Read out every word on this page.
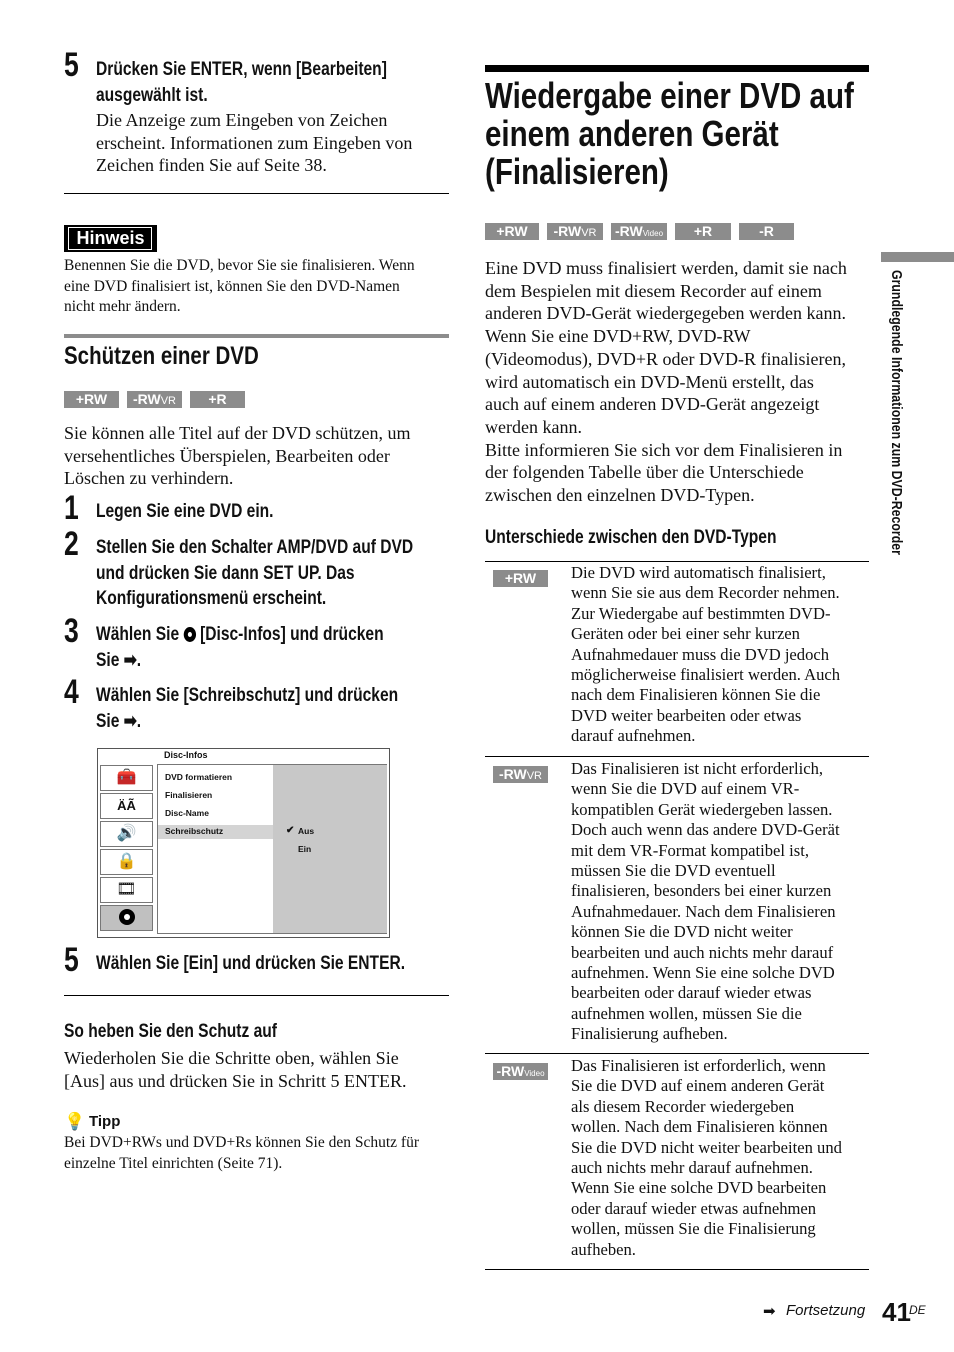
5 Drücken Sie ENTER, wenn [Bearbeiten]
ausgewählt ist.
Die Anzeige zum Eingeben von Zeichen
erscheint. Informationen zum Eingeben von
Zeichen finden Sie auf Seite 38.
Hinweis
Benennen Sie die DVD, bevor Sie sie finalisieren. Wenn
eine DVD finalisiert ist, können Sie den DVD-Namen
nicht mehr ändern.
Schützen einer DVD
+RW	-RWVR	+R
Sie können alle Titel auf der DVD schützen, um
versehentliches Überspielen, Bearbeiten oder
Löschen zu verhindern.
1 Legen Sie eine DVD ein.
2 Stellen Sie den Schalter AMP/DVD auf DVD
und drücken Sie dann SET UP. Das
Konfigurationsmenü erscheint.
3 Wählen Sie [Disc-Infos] und drücken
Sie ➡.
4 Wählen Sie [Schreibschutz] und drücken
Sie ➡.
Disc-Infos
🧰
ÄÃ
🔊
🔒
🎞
DVD formatieren
Finalisieren
Disc-Name
Schreibschutz	✔ Aus
Ein
5 Wählen Sie [Ein] und drücken Sie ENTER.
So heben Sie den Schutz auf
Wiederholen Sie die Schritte oben, wählen Sie
[Aus] aus und drücken Sie in Schritt 5 ENTER.
💡 Tipp
Bei DVD+RWs und DVD+Rs können Sie den Schutz für
einzelne Titel einrichten (Seite 71).
Wiedergabe einer DVD auf
einem anderen Gerät
(Finalisieren)
+RW	-RWVR	-RWVideo	+R	-R
Eine DVD muss finalisiert werden, damit sie nach
dem Bespielen mit diesem Recorder auf einem
anderen DVD-Gerät wiedergegeben werden kann.
Wenn Sie eine DVD+RW, DVD-RW
(Videomodus), DVD+R oder DVD-R finalisieren,
wird automatisch ein DVD-Menü erstellt, das
auch auf einem anderen DVD-Gerät angezeigt
werden kann.
Bitte informieren Sie sich vor dem Finalisieren in
der folgenden Tabelle über die Unterschiede
zwischen den einzelnen DVD-Typen.
Unterschiede zwischen den DVD-Typen
+RW	Die DVD wird automatisch finalisiert,
wenn Sie sie aus dem Recorder nehmen.
Zur Wiedergabe auf bestimmten DVD-
Geräten oder bei einer sehr kurzen
Aufnahmedauer muss die DVD jedoch
möglicherweise finalisiert werden. Auch
nach dem Finalisieren können Sie die
DVD weiter bearbeiten oder etwas
darauf aufnehmen.
-RWVR	Das Finalisieren ist nicht erforderlich,
wenn Sie die DVD auf einem VR-
kompatiblen Gerät wiedergeben lassen.
Doch auch wenn das andere DVD-Gerät
mit dem VR-Format kompatibel ist,
müssen Sie die DVD eventuell
finalisieren, besonders bei einer kurzen
Aufnahmedauer. Nach dem Finalisieren
können Sie die DVD nicht weiter
bearbeiten und auch nichts mehr darauf
aufnehmen. Wenn Sie eine solche DVD
bearbeiten oder darauf wieder etwas
aufnehmen wollen, müssen Sie die
Finalisierung aufheben.
-RWVideo Das Finalisieren ist erforderlich, wenn
Sie die DVD auf einem anderen Gerät
als diesem Recorder wiedergeben
wollen. Nach dem Finalisieren können
Sie die DVD nicht weiter bearbeiten und
auch nichts mehr darauf aufnehmen.
Wenn Sie eine solche DVD bearbeiten
oder darauf wieder etwas aufnehmen
wollen, müssen Sie die Finalisierung
aufheben.
Grundlegende Informationen zum DVD-Recorder
➡ Fortsetzung 41
DE
